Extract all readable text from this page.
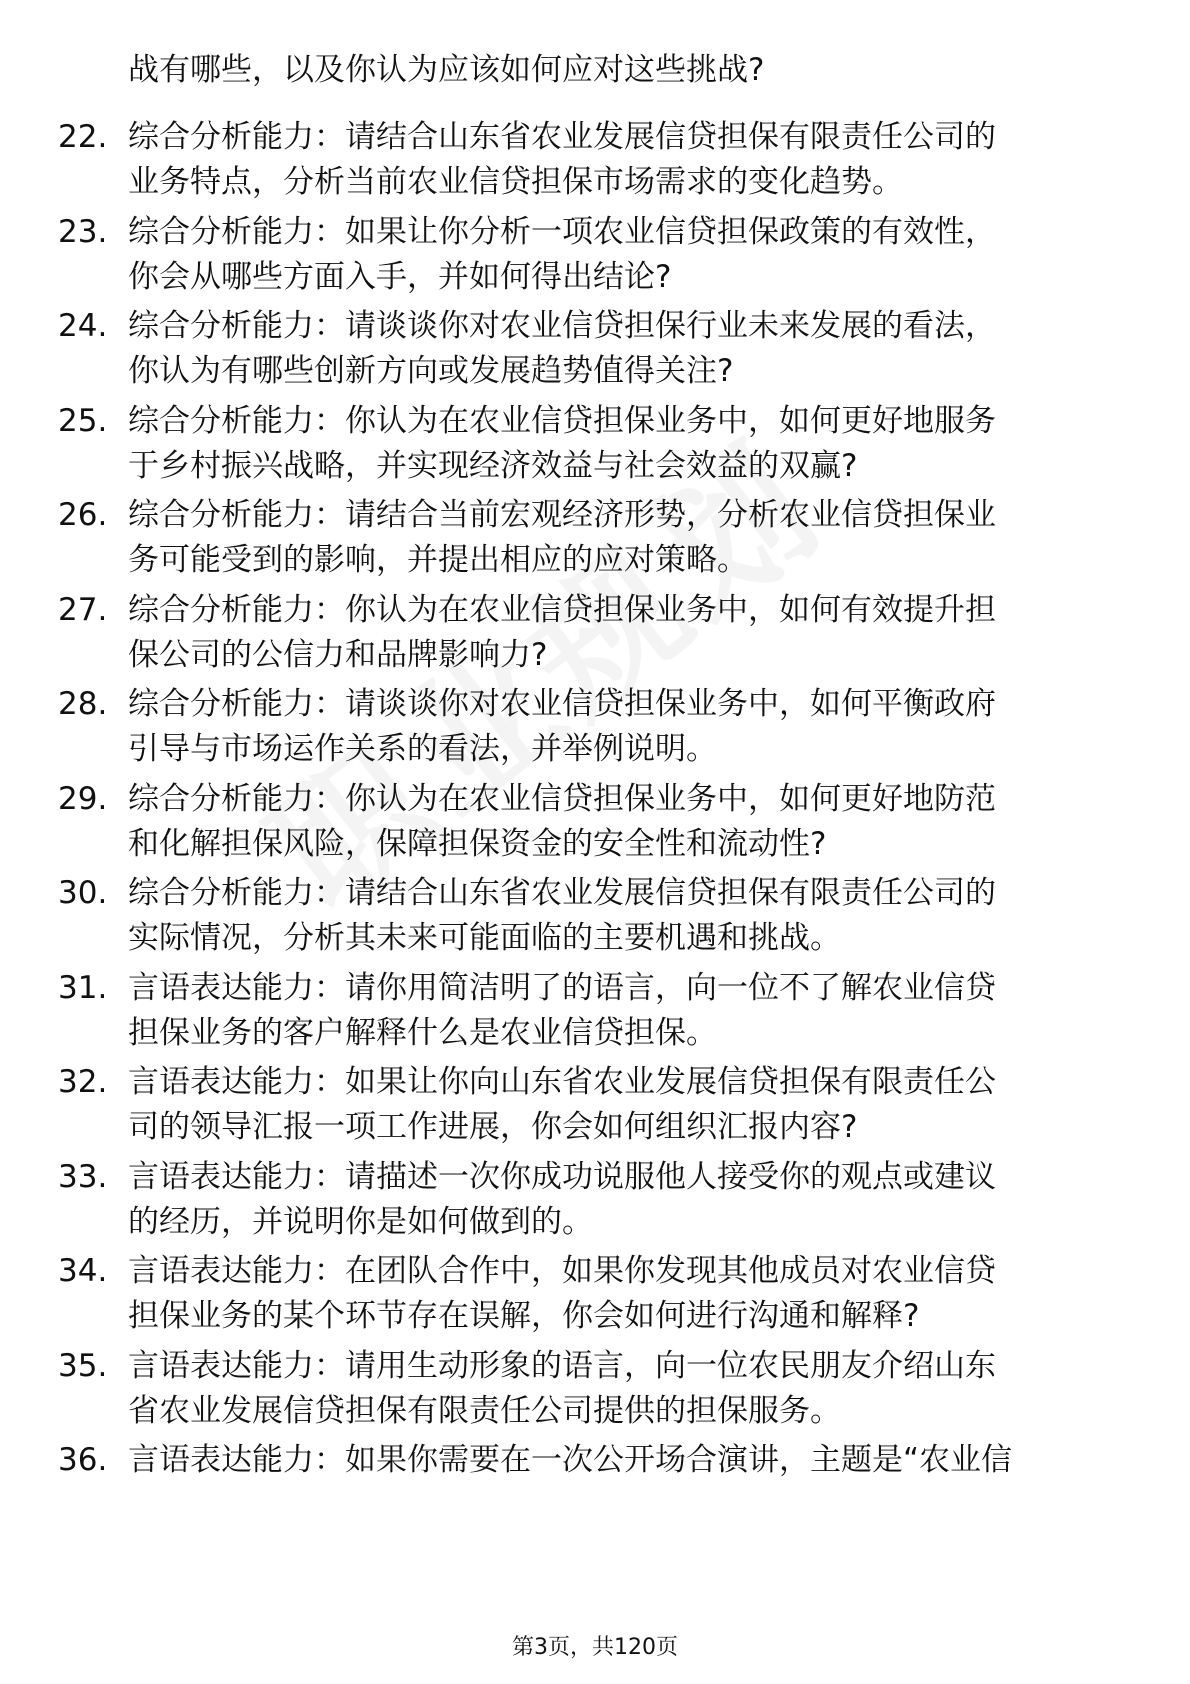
战有哪些，以及你认为应该如何应对这些挑战?
22. 综合分析能力：请结合山东省农业发展信贷担保有限责任公司的
业务特点，分析当前农业信贷担保市场需求的变化趋势。
23. 综合分析能力：如果让你分析一项农业信贷担保政策的有效性，
你会从哪些方面入手，并如何得出结论?
24. 综合分析能力：请谈谈你对农业信贷担保行业未来发展的看法，
你认为有哪些创新方向或发展趋势值得关注?
25. 综合分析能力：你认为在农业信贷担保业务中，如何更好地服务
于乡村振兴战略，并实现经济效益与社会效益的双赢?
26. 综合分析能力：请结合当前宏观经济形势，分析农业信贷担保业
务可能受到的影响，并提出相应的应对策略。
27. 综合分析能力：你认为在农业信贷担保业务中，如何有效提升担
保公司的公信力和品牌影响力?
28. 综合分析能力：请谈谈你对农业信贷担保业务中，如何平衡政府
引导与市场运作关系的看法，并举例说明。
29. 综合分析能力：你认为在农业信贷担保业务中，如何更好地防范
和化解担保风险，保障担保资金的安全性和流动性?
30. 综合分析能力：请结合山东省农业发展信贷担保有限责任公司的
实际情况，分析其未来可能面临的主要机遇和挑战。
31. 言语表达能力：请你用简洁明了的语言，向一位不了解农业信贷
担保业务的客户解释什么是农业信贷担保。
32. 言语表达能力：如果让你向山东省农业发展信贷担保有限责任公
司的领导汇报一项工作进展，你会如何组织汇报内容?
33. 言语表达能力：请描述一次你成功说服他人接受你的观点或建议
的经历，并说明你是如何做到的。
34. 言语表达能力：在团队合作中，如果你发现其他成员对农业信贷
担保业务的某个环节存在误解，你会如何进行沟通和解释?
35. 言语表达能力：请用生动形象的语言，向一位农民朋友介绍山东
省农业发展信贷担保有限责任公司提供的担保服务。
36. 言语表达能力：如果你需要在一次公开场合演讲，主题是“农业信
第3页，共120页
